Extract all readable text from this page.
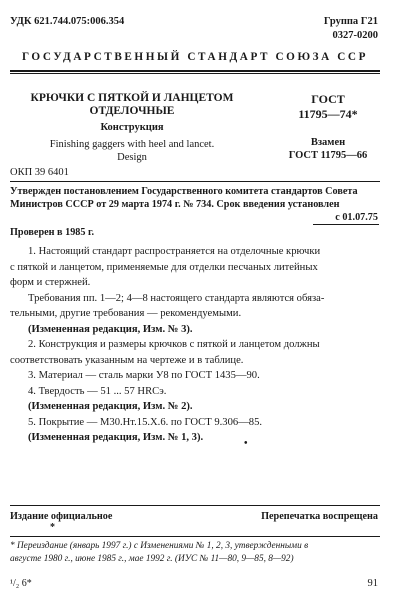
УДК 621.744.075:006.354	Группа Г21
0327-0200
ГОСУДАРСТВЕННЫЙ СТАНДАРТ СОЮЗА ССР
КРЮЧКИ С ПЯТКОЙ И ЛАНЦЕТОМ
ОТДЕЛОЧНЫЕ
Конструкция
Finishing gaggers with heel and lancet.
Design
ГОСТ
11795—74*
Взамен
ГОСТ 11795—66
ОКП 39 6401
Утвержден постановлением Государственного комитета стандартов Совета
Министров СССР от 29 марта 1974 г. № 734. Срок введения установлен
с 01.07.75
Проверен в 1985 г.
1. Настоящий стандарт распространяется на отделочные крючки
с пяткой и ланцетом, применяемые для отделки песчаных литейных
форм и стержней.
Требования пп. 1—2; 4—8 настоящего стандарта являются обяза-
тельными, другие требования — рекомендуемыми.
(Измененная редакция, Изм. № 3).
2. Конструкция и размеры крючков с пяткой и ланцетом должны
соответствовать указанным на чертеже и в таблице.
3. Материал — сталь марки У8 по ГОСТ 1435—90.
4. Твердость — 51 ... 57 HRCэ.
(Измененная редакция, Изм. № 2).
5. Покрытие — М30.Нт.15.Х.6. по ГОСТ 9.306—85.
(Измененная редакция, Изм. № 1, 3).
•
Издание официальное	Перепечатка воспрещена
*
* Переиздание (январь 1997 г.) с Изменениями № 1, 2, 3, утвержденными в
августе 1980 г., июне 1985 г., мае 1992 г. (ИУС № 11—80, 9—85, 8—92)
¹/₂ 6*	91
